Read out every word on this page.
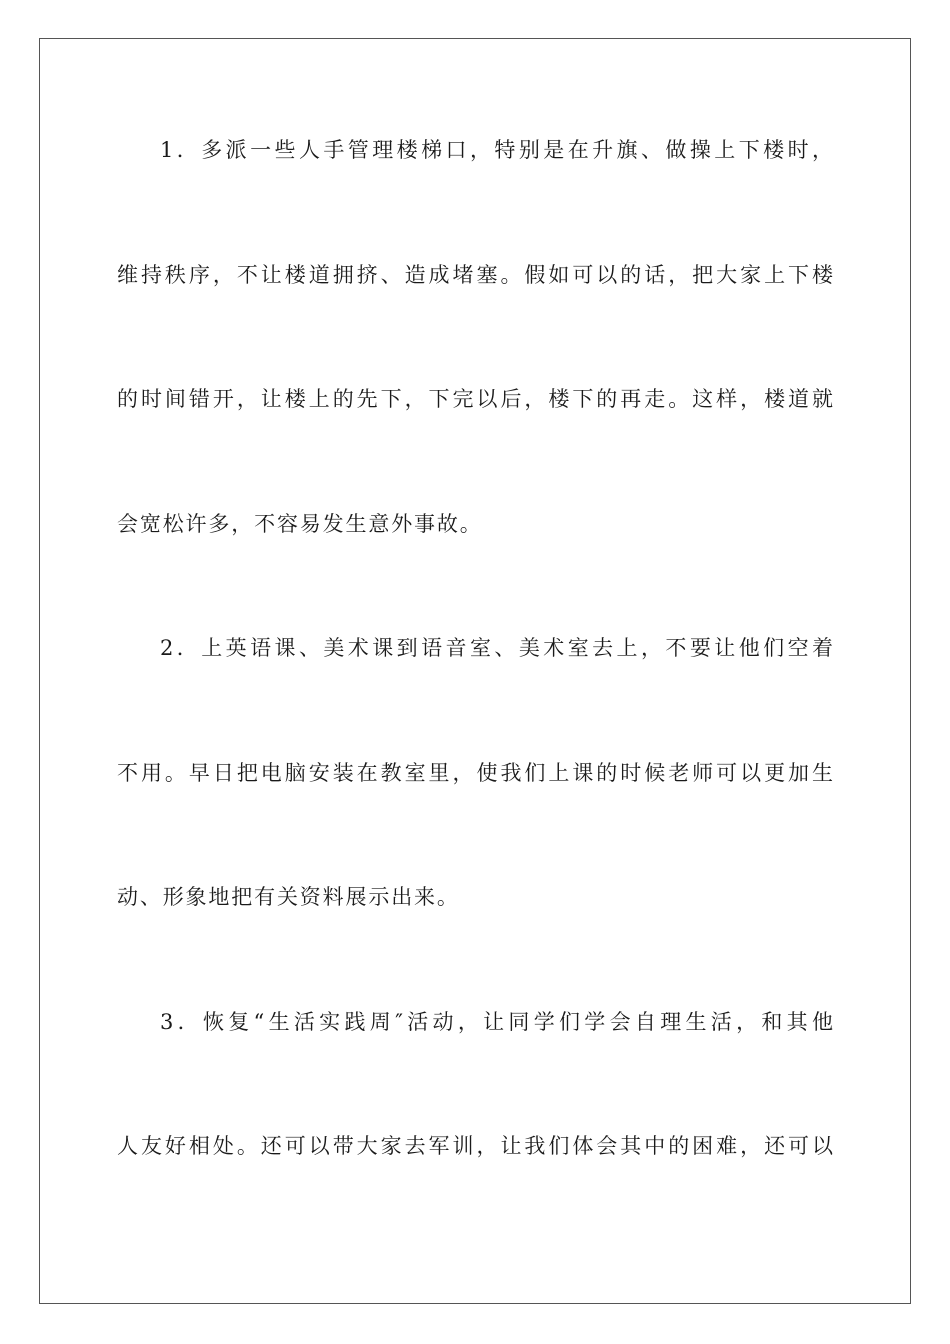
1．多派一些人手管理楼梯口，特别是在升旗、做操上下楼时，
维持秩序，不让楼道拥挤、造成堵塞。假如可以的话，把大家上下楼
的时间错开，让楼上的先下，下完以后，楼下的再走。这样，楼道就
会宽松许多，不容易发生意外事故。
2．上英语课、美术课到语音室、美术室去上，不要让他们空着
不用。早日把电脑安装在教室里，使我们上课的时候老师可以更加生
动、形象地把有关资料展示出来。
3．恢复“生活实践周″活动，让同学们学会自理生活，和其他
人友好相处。还可以带大家去军训，让我们体会其中的困难，还可以
